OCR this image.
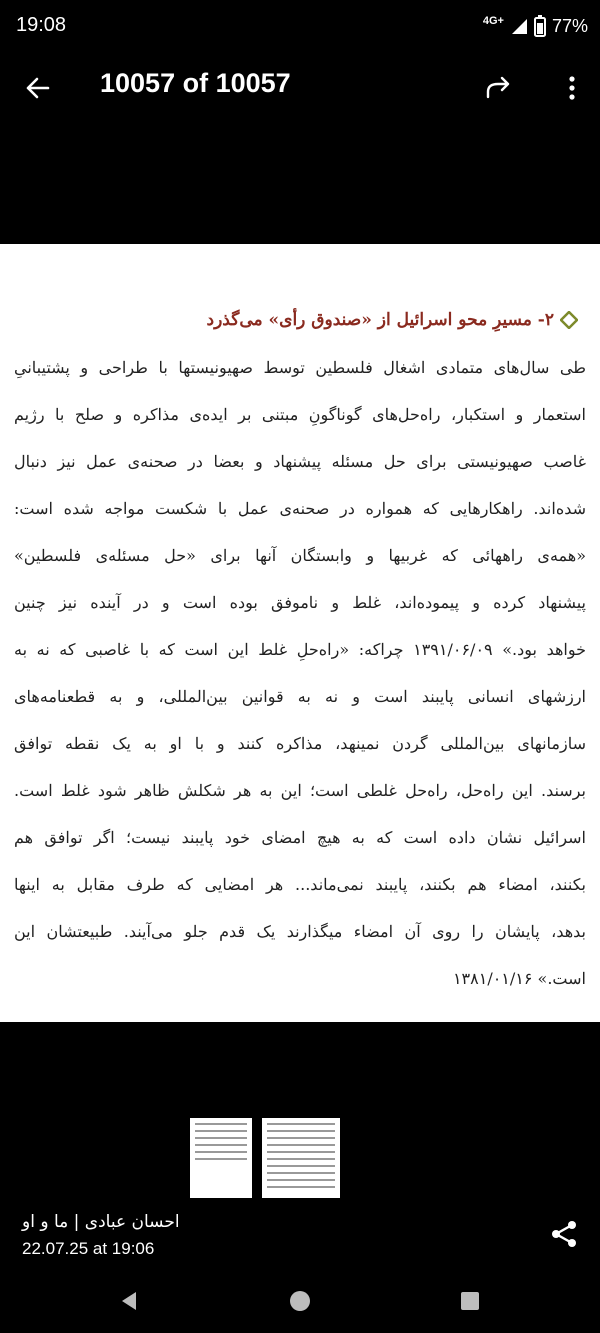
19:08	4G+	77%
10057 of 10057
۲- مسیرِ محو اسرائیل از «صندوق رأی» می‌گذرد
طی سال‌های متمادی اشغال فلسطین توسط صهیونیستها با طراحی و پشتیبانیِ
استعمار و استکبار، راه‌حل‌های گوناگونِ مبتنی بر ایده‌ی مذاکره و صلح با رژیم
غاصب صهیونیستی برای حل مسئله پیشنهاد و بعضا در صحنه‌ی عمل نیز دنبال
شده‌اند. راهکارهایی که همواره در صحنه‌ی عمل با شکست مواجه شده است:
«همه‌ی راههائی که غربیها و وابستگان آنها برای «حل مسئله‌ی فلسطین»
پیشنهاد کرده و پیموده‌اند، غلط و ناموفق بوده است و در آینده نیز چنین
خواهد بود.» ۱۳۹۱/۰۶/۰۹ چراکه: «راه‌حلِ غلط این است که با غاصبی که نه به
ارزشهای انسانی پایبند است و نه به قوانین بین‌المللی، و به قطعنامه‌های
سازمانهای بین‌المللی گردن نمینهد، مذاکره کنند و با او به یک نقطه توافق
برسند. این راه‌حل، راه‌حل غلطی است؛ این به هر شکلش ظاهر شود غلط است.
اسرائیل نشان داده است که به هیچ امضای خود پایبند نیست؛ اگر توافق هم
بکنند، امضاء هم بکنند، پایبند نمی‌ماند... هر امضایی که طرف مقابل به اینها
بدهد، پایشان را روی آن امضاء میگذارند یک قدم جلو می‌آیند. طبیعتشان این
است.» ۱۳۸۱/۰۱/۱۶
احسان عبادی | ما و او
22.07.25 at 19:06
